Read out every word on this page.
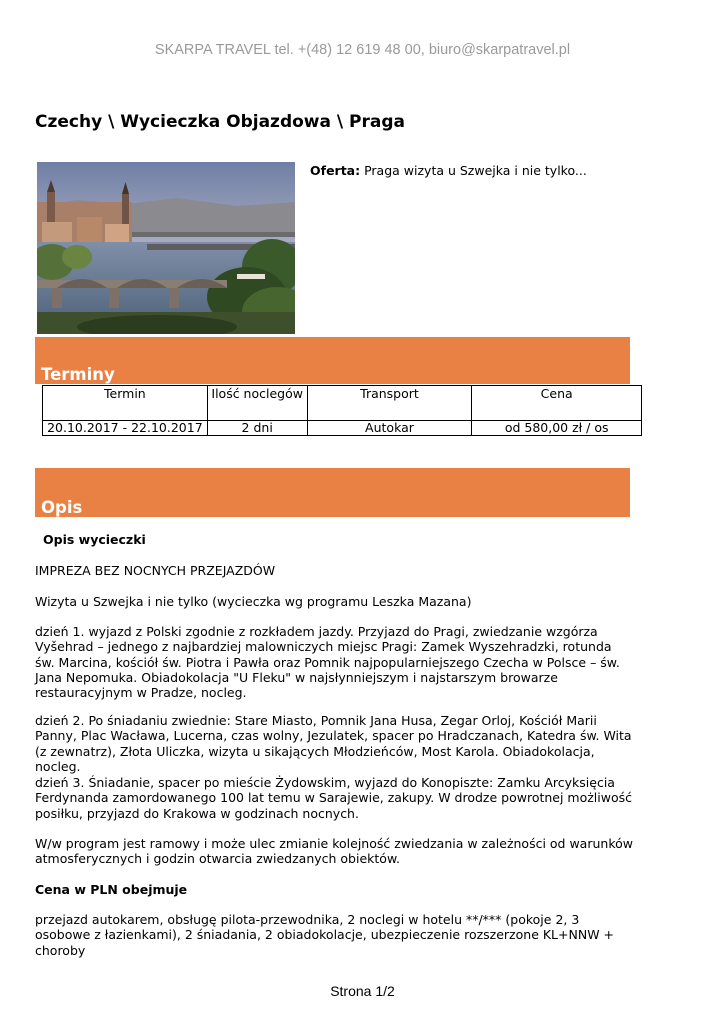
SKARPA TRAVEL tel. +(48) 12 619 48 00, biuro@skarpatravel.pl
Czechy \ Wycieczka Objazdowa \ Praga
Oferta: Praga wizyta u Szwejka i nie tylko...
Terminy
Termin	Ilość noclegów	Transport	Cena
20.10.2017 - 22.10.2017	2 dni	Autokar	od 580,00 zł / os
Opis
Opis wycieczki
IMPREZA BEZ NOCNYCH PRZEJAZDÓW
Wizyta u Szwejka i nie tylko (wycieczka wg programu Leszka Mazana)
dzień 1. wyjazd z Polski zgodnie z rozkładem jazdy. Przyjazd do Pragi, zwiedzanie wzgórza Vyšehrad – jednego z najbardziej malowniczych miejsc Pragi: Zamek Wyszehradzki, rotunda św. Marcina, kościół św. Piotra i Pawła oraz Pomnik najpopularniejszego Czecha w Polsce – św. Jana Nepomuka. Obiadokolacja "U Fleku" w najsłynniejszym i najstarszym browarze restauracyjnym w Pradze, nocleg.
dzień 2. Po śniadaniu zwiednie: Stare Miasto, Pomnik Jana Husa, Zegar Orloj, Kościół Marii Panny, Plac Wacława, Lucerna, czas wolny, Jezulatek, spacer po Hradczanach, Katedra św. Wita (z zewnatrz), Złota Uliczka, wizyta u sikających Młodzieńców, Most Karola. Obiadokolacja, nocleg.
dzień 3. Śniadanie, spacer po mieście Żydowskim, wyjazd do Konopiszte: Zamku Arcyksięcia Ferdynanda zamordowanego 100 lat temu w Sarajewie, zakupy. W drodze powrotnej możliwość posiłku, przyjazd do Krakowa w godzinach nocnych.
W/w program jest ramowy i może ulec zmianie kolejność zwiedzania w zależności od warunków atmosferycznych i godzin otwarcia zwiedzanych obiektów.
Cena w PLN obejmuje
przejazd autokarem, obsługę pilota-przewodnika, 2 noclegi w hotelu **/*** (pokoje 2, 3 osobowe z łazienkami), 2 śniadania, 2 obiadokolacje, ubezpieczenie rozszerzone KL+NNW + choroby
Strona 1/2
